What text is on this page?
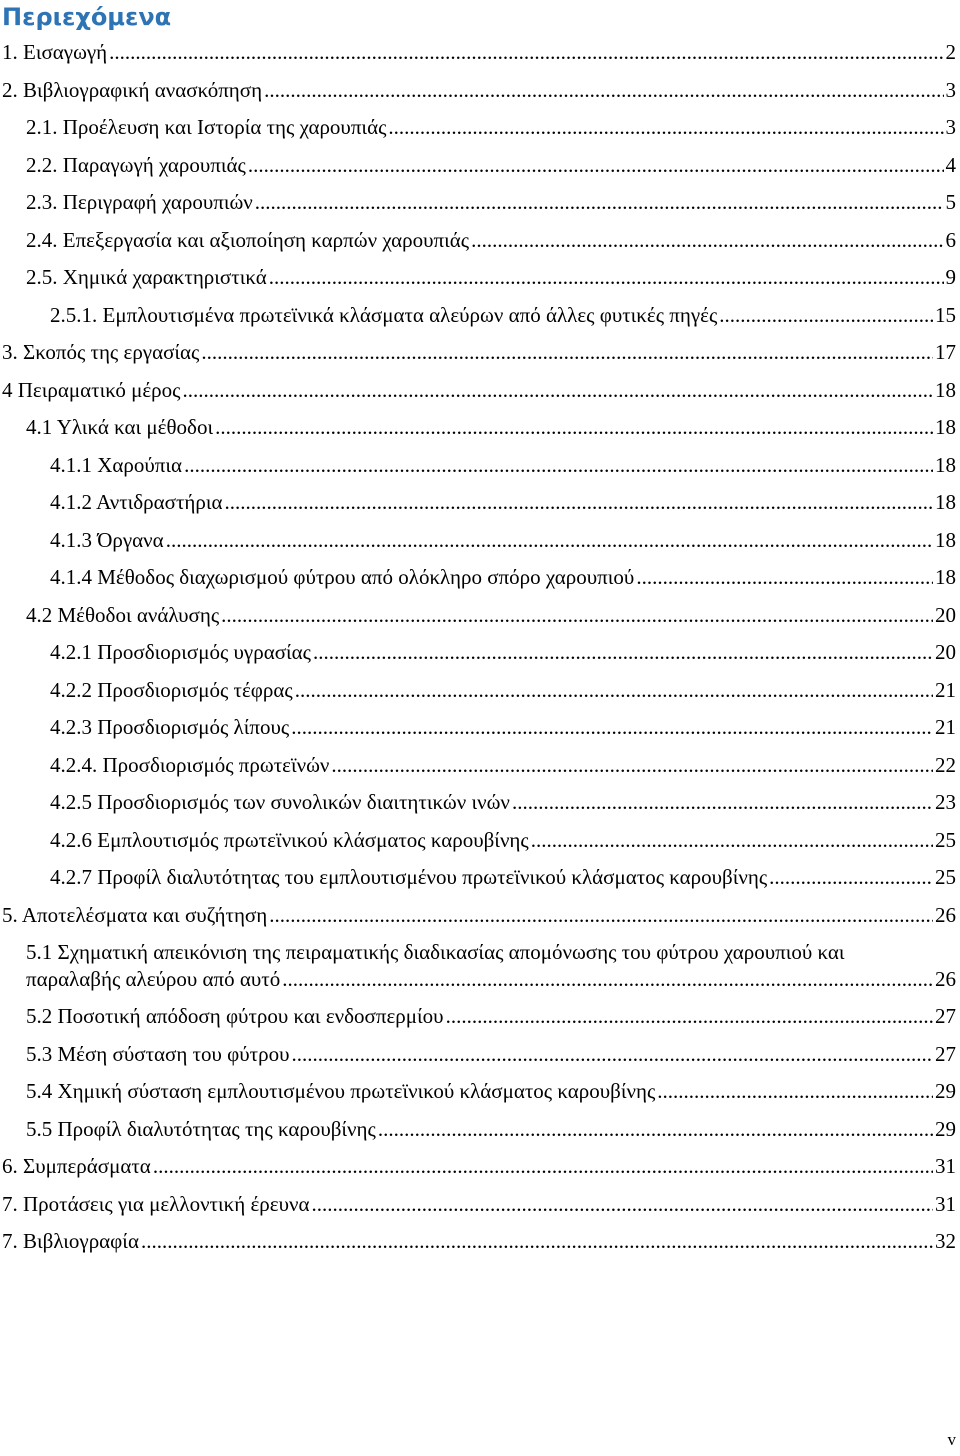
Περιεχόμενα
1. Εισαγωγή .....	2
2. Βιβλιογραφική ανασκόπηση .....	3
2.1. Προέλευση και Ιστορία της χαρουπιάς .....	3
2.2. Παραγωγή χαρουπιάς .....	4
2.3. Περιγραφή χαρουπιών .....	5
2.4. Επεξεργασία και αξιοποίηση καρπών χαρουπιάς .....	6
2.5. Χημικά χαρακτηριστικά .....	9
2.5.1. Εμπλουτισμένα πρωτεϊνικά κλάσματα αλεύρων από άλλες φυτικές πηγές .....	15
3. Σκοπός της εργασίας .....	17
4 Πειραματικό μέρος .....	18
4.1 Υλικά και μέθοδοι .....	18
4.1.1 Χαρούπια .....	18
4.1.2 Αντιδραστήρια .....	18
4.1.3 Όργανα .....	18
4.1.4 Μέθοδος διαχωρισμού φύτρου από ολόκληρο σπόρο χαρουπιού .....	18
4.2 Μέθοδοι ανάλυσης .....	20
4.2.1 Προσδιορισμός υγρασίας .....	20
4.2.2 Προσδιορισμός τέφρας .....	21
4.2.3 Προσδιορισμός λίπους .....	21
4.2.4. Προσδιορισμός πρωτεϊνών .....	22
4.2.5 Προσδιορισμός των συνολικών διαιτητικών ινών .....	23
4.2.6 Εμπλουτισμός πρωτεϊνικού κλάσματος καρουβίνης .....	25
4.2.7 Προφίλ διαλυτότητας του εμπλουτισμένου πρωτεϊνικού κλάσματος καρουβίνης .....	25
5. Αποτελέσματα και συζήτηση .....	26
5.1 Σχηματική απεικόνιση της πειραματικής διαδικασίας απομόνωσης του φύτρου χαρουπιού και
παραλαβής αλεύρου από αυτό .....	26
5.2 Ποσοτική απόδοση φύτρου και ενδοσπερμίου .....	27
5.3 Μέση σύσταση του φύτρου .....	27
5.4 Χημική σύσταση εμπλουτισμένου πρωτεϊνικού κλάσματος καρουβίνης .....	29
5.5 Προφίλ διαλυτότητας της καρουβίνης .....	29
6. Συμπεράσματα .....	31
7. Προτάσεις για μελλοντική έρευνα .....	31
7. Βιβλιογραφία .....	32
v
